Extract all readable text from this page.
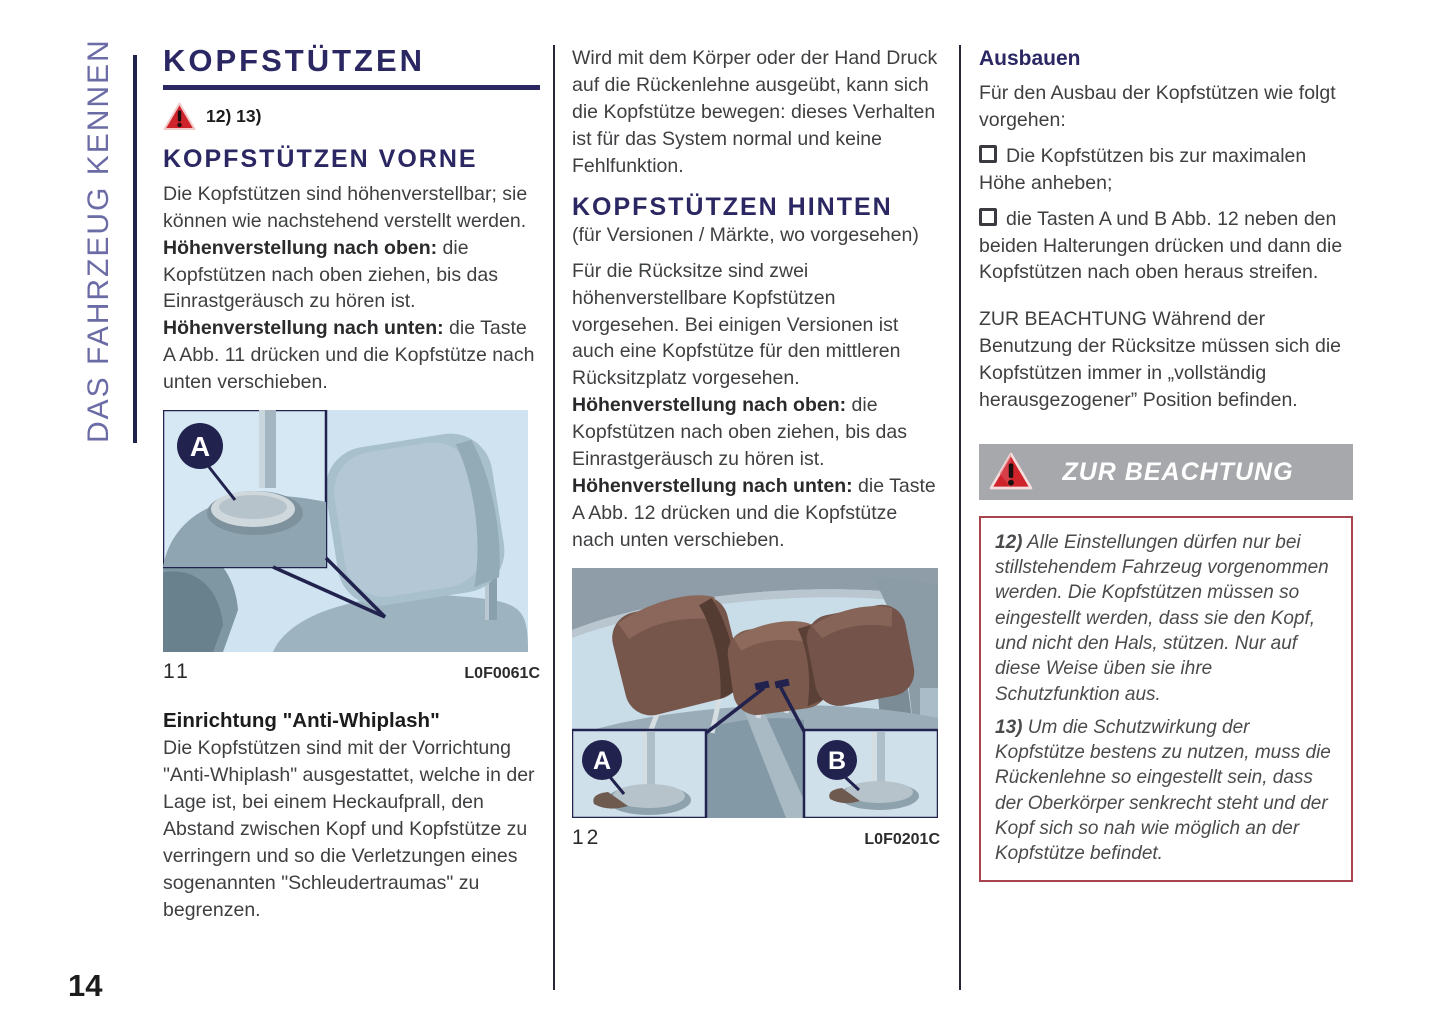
DAS FAHRZEUG KENNEN
14
KOPFSTÜTZEN
12) 13)
KOPFSTÜTZEN VORNE

Die Kopfstützen sind höhenverstellbar; sie können wie nachstehend verstellt werden.

Höhenverstellung nach oben: die Kopfstützen nach oben ziehen, bis das Einrastgeräusch zu hören ist.

Höhenverstellung nach unten: die Taste A Abb. 11 drücken und die Kopfstütze nach unten verschieben.

A
11	L0F0061C
Einrichtung "Anti-Whiplash"

Die Kopfstützen sind mit der Vorrichtung "Anti-Whiplash" ausgestattet, welche in der Lage ist, bei einem Heckaufprall, den Abstand zwischen Kopf und Kopfstütze zu verringern und so die Verletzungen eines sogenannten "Schleudertraumas" zu begrenzen.

Wird mit dem Körper oder der Hand Druck auf die Rückenlehne ausgeübt, kann sich die Kopfstütze bewegen: dieses Verhalten ist für das System normal und keine Fehlfunktion.

KOPFSTÜTZEN HINTEN

(für Versionen / Märkte, wo vorgesehen)

Für die Rücksitze sind zwei höhenverstellbare Kopfstützen vorgesehen. Bei einigen Versionen ist auch eine Kopfstütze für den mittleren Rücksitzplatz vorgesehen.

Höhenverstellung nach oben: die Kopfstützen nach oben ziehen, bis das Einrastgeräusch zu hören ist.

Höhenverstellung nach unten: die Taste A Abb. 12 drücken und die Kopfstütze nach unten verschieben.

A	B
12	L0F0201C
Ausbauen

Für den Ausbau der Kopfstützen wie folgt vorgehen:

Die Kopfstützen bis zur maximalen Höhe anheben;

die Tasten A und B Abb. 12 neben den beiden Halterungen drücken und dann die Kopfstützen nach oben heraus streifen.

ZUR BEACHTUNG Während der Benutzung der Rücksitze müssen sich die Kopfstützen immer in „vollständig herausgezogener” Position befinden.

ZUR BEACHTUNG

12) Alle Einstellungen dürfen nur bei stillstehendem Fahrzeug vorgenommen werden. Die Kopfstützen müssen so eingestellt werden, dass sie den Kopf, und nicht den Hals, stützen. Nur auf diese Weise üben sie ihre Schutzfunktion aus.

13) Um die Schutzwirkung der Kopfstütze bestens zu nutzen, muss die Rückenlehne so eingestellt sein, dass der Oberkörper senkrecht steht und der Kopf sich so nah wie möglich an der Kopfstütze befindet.
